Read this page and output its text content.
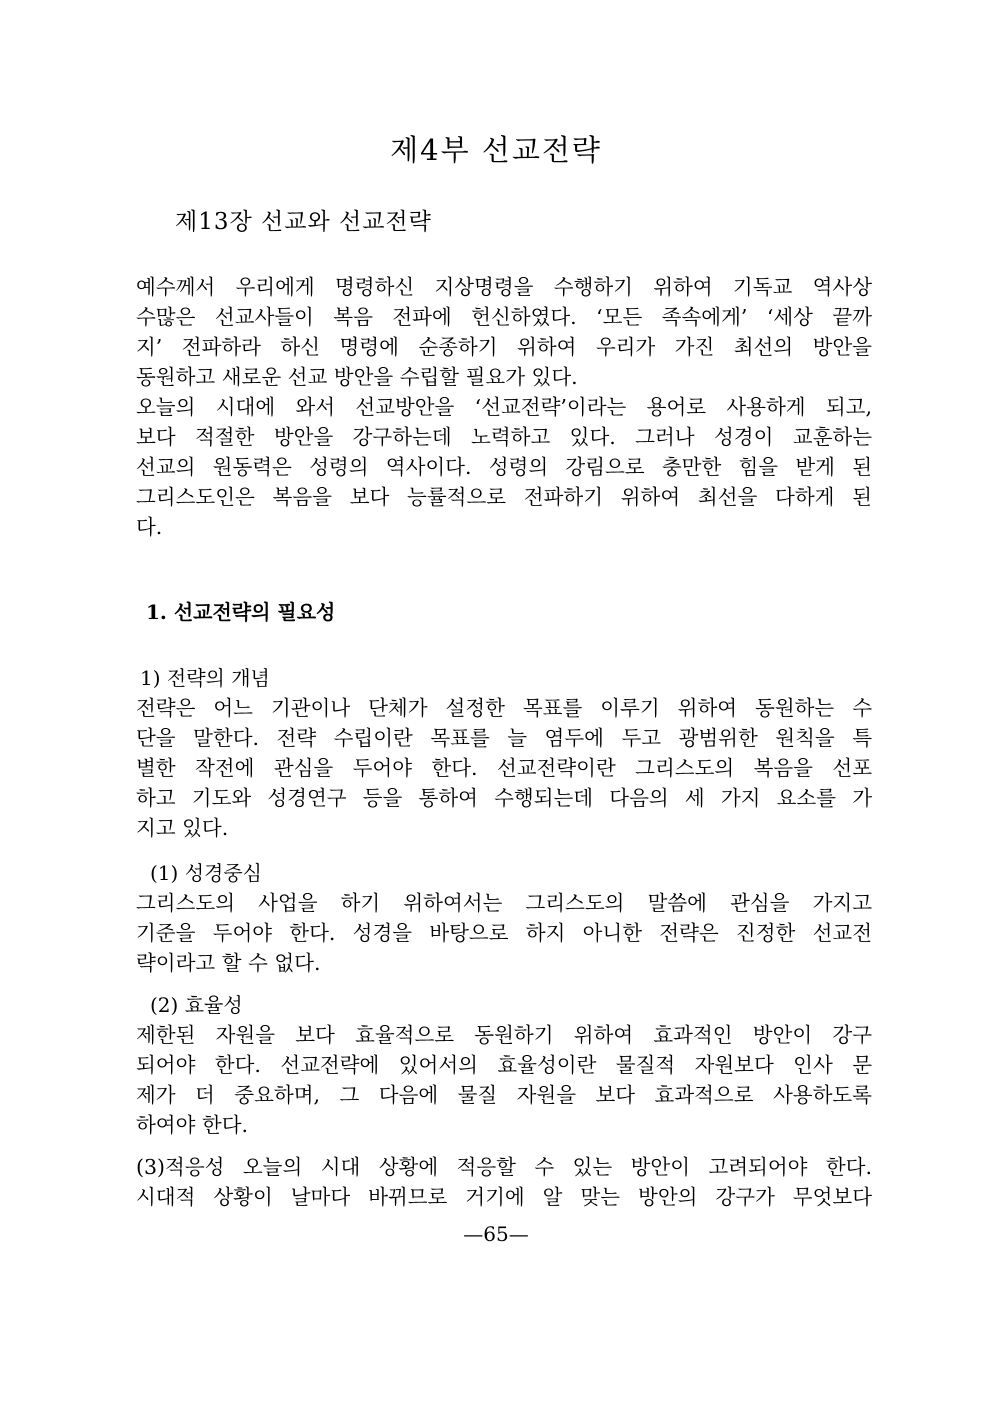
제4부 선교전략
제13장 선교와 선교전략
예수께서 우리에게 명령하신 지상명령을 수행하기 위하여 기독교 역사상
수많은 선교사들이 복음 전파에 헌신하였다. ‘모든 족속에게’ ‘세상 끝까
지’ 전파하라 하신 명령에 순종하기 위하여 우리가 가진 최선의 방안을
동원하고 새로운 선교 방안을 수립할 필요가 있다.
오늘의 시대에 와서 선교방안을 ‘선교전략’이라는 용어로 사용하게 되고,
보다 적절한 방안을 강구하는데 노력하고 있다. 그러나 성경이 교훈하는
선교의 원동력은 성령의 역사이다. 성령의 강림으로 충만한 힘을 받게 된
그리스도인은 복음을 보다 능률적으로 전파하기 위하여 최선을 다하게 된
다.
1. 선교전략의 필요성
1) 전략의 개념
전략은 어느 기관이나 단체가 설정한 목표를 이루기 위하여 동원하는 수
단을 말한다. 전략 수립이란 목표를 늘 염두에 두고 광범위한 원칙을 특
별한 작전에 관심을 두어야 한다. 선교전략이란 그리스도의 복음을 선포
하고 기도와 성경연구 등을 통하여 수행되는데 다음의 세 가지 요소를 가
지고 있다.
(1) 성경중심
그리스도의 사업을 하기 위하여서는 그리스도의 말씀에 관심을 가지고
기준을 두어야 한다. 성경을 바탕으로 하지 아니한 전략은 진정한 선교전
략이라고 할 수 없다.
(2) 효율성
제한된 자원을 보다 효율적으로 동원하기 위하여 효과적인 방안이 강구
되어야 한다. 선교전략에 있어서의 효율성이란 물질적 자원보다 인사 문
제가 더 중요하며, 그 다음에 물질 자원을 보다 효과적으로 사용하도록
하여야 한다.
(3)적응성 오늘의 시대 상황에 적응할 수 있는 방안이 고려되어야 한다.
시대적 상황이 날마다 바뀌므로 거기에 알 맞는 방안의 강구가 무엇보다
—65—
